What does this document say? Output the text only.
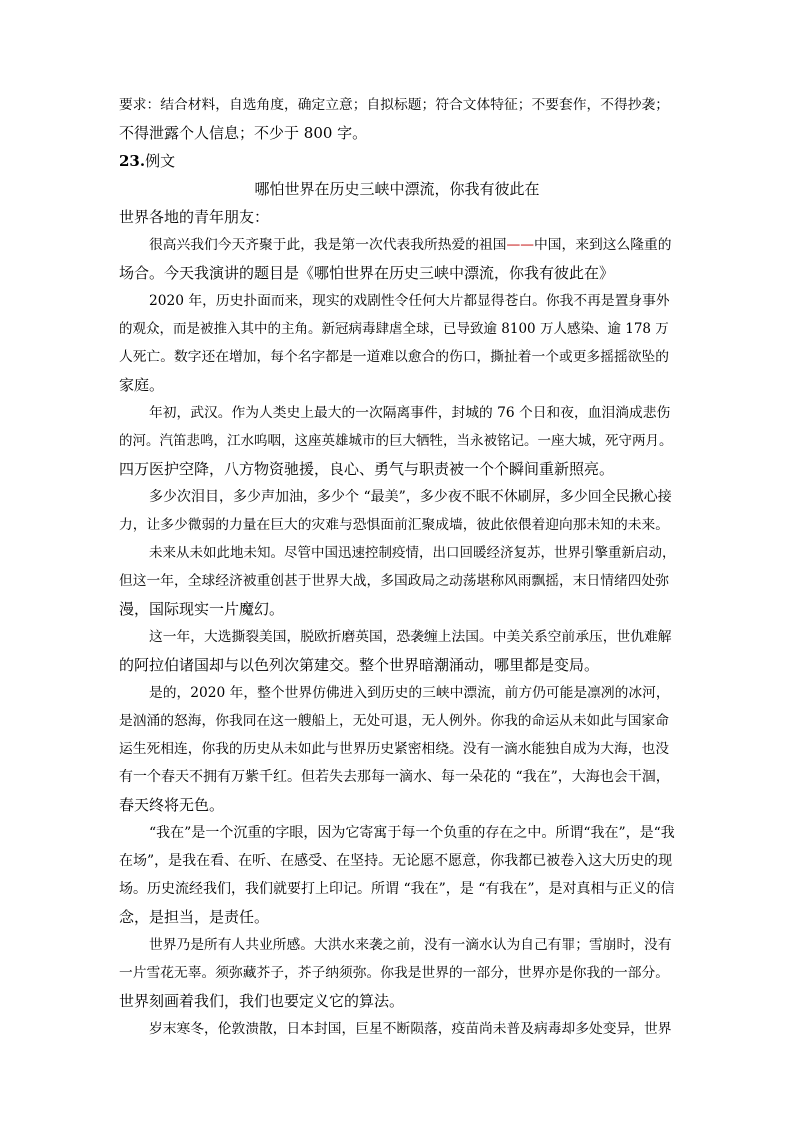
要求：结合材料，自选角度，确定立意；自拟标题；符合文体特征；不要套作，不得抄袭；
不得泄露个人信息；不少于 800 字。
23.例文
哪怕世界在历史三峡中漂流，你我有彼此在
世界各地的青年朋友：
很高兴我们今天齐聚于此，我是第一次代表我所热爱的祖国——中国，来到这么隆重的
场合。今天我演讲的题目是《哪怕世界在历史三峡中漂流，你我有彼此在》
2020 年，历史扑面而来，现实的戏剧性令任何大片都显得苍白。你我不再是置身事外
的观众，而是被推入其中的主角。新冠病毒肆虐全球，已导致逾 8100 万人感染、逾 178 万
人死亡。数字还在增加，每个名字都是一道难以愈合的伤口，撕扯着一个或更多摇摇欲坠的
家庭。
年初，武汉。作为人类史上最大的一次隔离事件，封城的 76 个日和夜，血泪淌成悲伤
的河。汽笛悲鸣，江水呜咽，这座英雄城市的巨大牺牲，当永被铭记。一座大城，死守两月。
四万医护空降，八方物资驰援，良心、勇气与职责被一个个瞬间重新照亮。
多少次泪目，多少声加油，多少个 “最美”，多少夜不眠不休刷屏，多少回全民揪心接
力，让多少微弱的力量在巨大的灾难与恐惧面前汇聚成墙，彼此依偎着迎向那未知的未来。
未来从未如此地未知。尽管中国迅速控制疫情，出口回暖经济复苏，世界引擎重新启动，
但这一年，全球经济被重创甚于世界大战，多国政局之动荡堪称风雨飘摇，末日情绪四处弥
漫，国际现实一片魔幻。
这一年，大选撕裂美国，脱欧折磨英国，恐袭缠上法国。中美关系空前承压，世仇难解
的阿拉伯诸国却与以色列次第建交。整个世界暗潮涌动，哪里都是变局。
是的，2020 年，整个世界仿佛进入到历史的三峡中漂流，前方仍可能是凛冽的冰河，
是汹涌的怒海，你我同在这一艘船上，无处可退，无人例外。你我的命运从未如此与国家命
运生死相连，你我的历史从未如此与世界历史紧密相绕。没有一滴水能独自成为大海，也没
有一个春天不拥有万紫千红。但若失去那每一滴水、每一朵花的 “我在”，大海也会干涸，
春天终将无色。
“我在”是一个沉重的字眼，因为它寄寓于每一个负重的存在之中。所谓“我在”，是“我
在场”，是我在看、在听、在感受、在坚持。无论愿不愿意，你我都已被卷入这大历史的现
场。历史流经我们，我们就要打上印记。所谓 “我在”，是 “有我在”，是对真相与正义的信
念，是担当，是责任。
世界乃是所有人共业所感。大洪水来袭之前，没有一滴水认为自己有罪；雪崩时，没有
一片雪花无辜。须弥藏芥子，芥子纳须弥。你我是世界的一部分，世界亦是你我的一部分。
世界刻画着我们，我们也要定义它的算法。
岁末寒冬，伦敦溃散，日本封国，巨星不断陨落，疫苗尚未普及病毒却多处变异，世界
